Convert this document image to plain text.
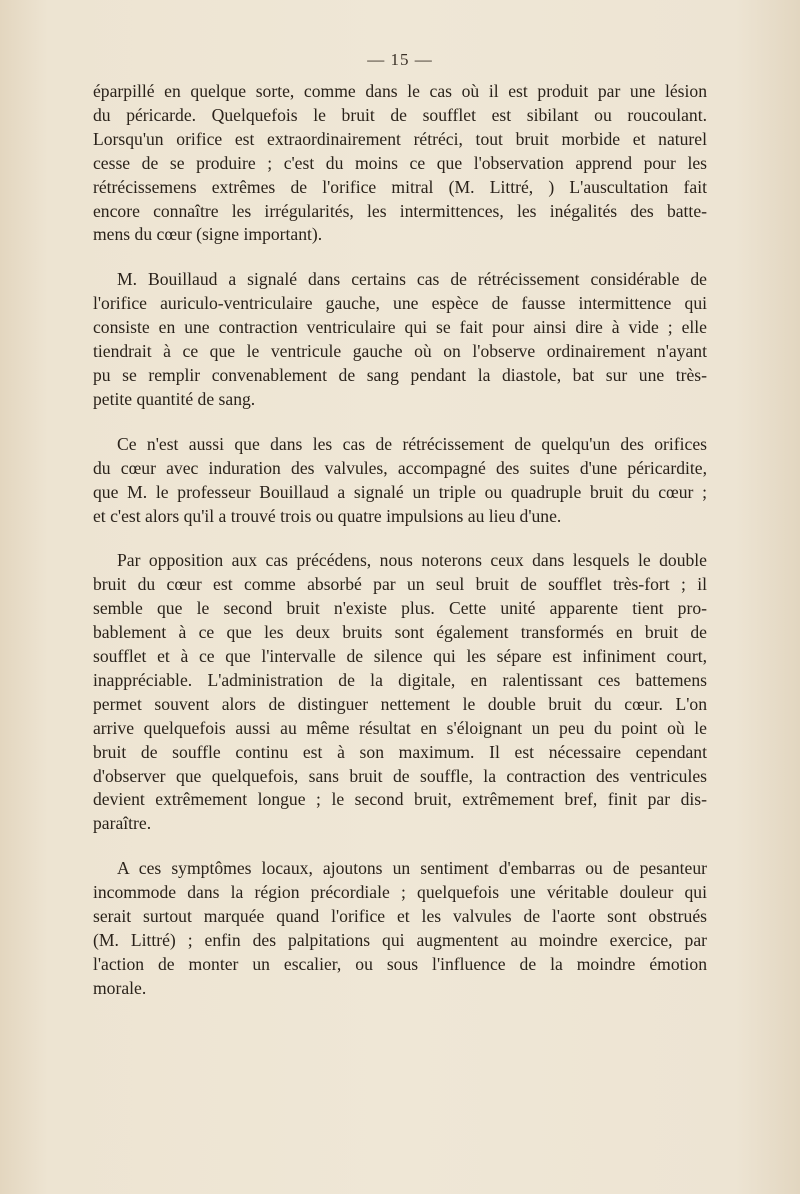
— 15 —
éparpillé en quelque sorte, comme dans le cas où il est produit par une lésion
du péricarde. Quelquefois le bruit de soufflet est sibilant ou roucoulant.
Lorsqu'un orifice est extraordinairement rétréci, tout bruit morbide et naturel
cesse de se produire ; c'est du moins ce que l'observation apprend pour les
rétrécissemens extrêmes de l'orifice mitral (M. Littré, ) L'auscultation fait
encore connaître les irrégularités, les intermittences, les inégalités des batte-
mens du cœur (signe important).
M. Bouillaud a signalé dans certains cas de rétrécissement considérable de
l'orifice auriculo-ventriculaire gauche, une espèce de fausse intermittence qui
consiste en une contraction ventriculaire qui se fait pour ainsi dire à vide ; elle
tiendrait à ce que le ventricule gauche où on l'observe ordinairement n'ayant
pu se remplir convenablement de sang pendant la diastole, bat sur une très-
petite quantité de sang.
Ce n'est aussi que dans les cas de rétrécissement de quelqu'un des orifices
du cœur avec induration des valvules, accompagné des suites d'une péricardite,
que M. le professeur Bouillaud a signalé un triple ou quadruple bruit du cœur ;
et c'est alors qu'il a trouvé trois ou quatre impulsions au lieu d'une.
Par opposition aux cas précédens, nous noterons ceux dans lesquels le double
bruit du cœur est comme absorbé par un seul bruit de soufflet très-fort ; il
semble que le second bruit n'existe plus. Cette unité apparente tient pro-
bablement à ce que les deux bruits sont également transformés en bruit de
soufflet et à ce que l'intervalle de silence qui les sépare est infiniment court,
inappréciable. L'administration de la digitale, en ralentissant ces battemens
permet souvent alors de distinguer nettement le double bruit du cœur. L'on
arrive quelquefois aussi au même résultat en s'éloignant un peu du point où le
bruit de souffle continu est à son maximum. Il est nécessaire cependant
d'observer que quelquefois, sans bruit de souffle, la contraction des ventricules
devient extrêmement longue ; le second bruit, extrêmement bref, finit par dis-
paraître.
A ces symptômes locaux, ajoutons un sentiment d'embarras ou de pesanteur
incommode dans la région précordiale ; quelquefois une véritable douleur qui
serait surtout marquée quand l'orifice et les valvules de l'aorte sont obstrués
(M. Littré) ; enfin des palpitations qui augmentent au moindre exercice, par
l'action de monter un escalier, ou sous l'influence de la moindre émotion
morale.
